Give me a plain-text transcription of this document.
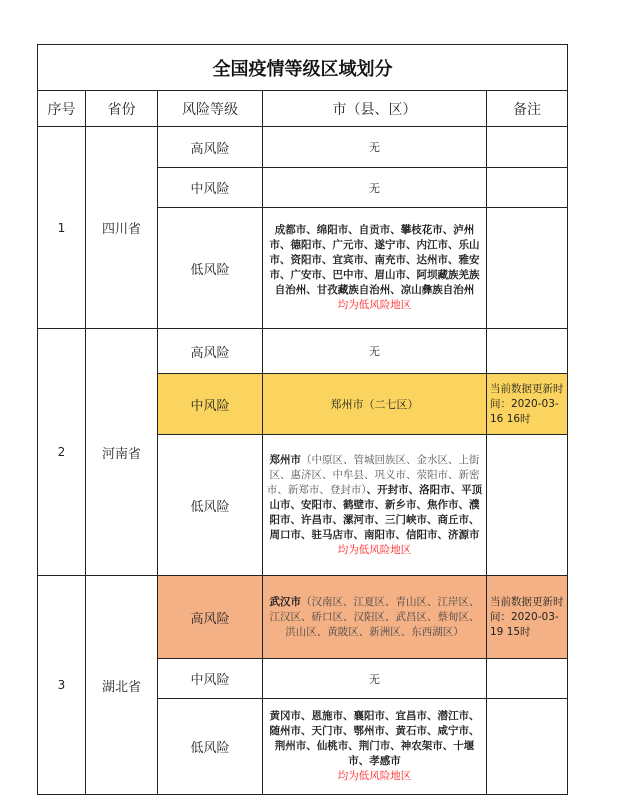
全国疫情等级区域划分				
序号	省份	风险等级	市（县、区）	备注
1	四川省	高风险	无	
		中风险	无	
		低风险	成都市、绵阳市、自贡市、攀枝花市、泸州市、德阳市、广元市、遂宁市、内江市、乐山市、资阳市、宜宾市、南充市、达州市、雅安市、广安市、巴中市、眉山市、阿坝藏族羌族自治州、甘孜藏族自治州、凉山彝族自治州
均为低风险地区	
2	河南省	高风险	无	
		中风险	郑州市（二七区）	当前数据更新时间：2020-03-16 16时
		低风险	郑州市（中原区、管城回族区、金水区、上街区、惠济区、中牟县、巩义市、荥阳市、新密市、新郑市、登封市）、开封市、洛阳市、平顶山市、安阳市、鹤壁市、新乡市、焦作市、濮阳市、许昌市、漯河市、三门峡市、商丘市、周口市、驻马店市、南阳市、信阳市、济源市
均为低风险地区	
3	湖北省	高风险	武汉市（汉南区、江夏区、青山区、江岸区、江汉区、硚口区、汉阳区、武昌区、蔡甸区、洪山区、黄陂区、新洲区、东西湖区）	当前数据更新时间：2020-03-19 15时
		中风险	无	
		低风险	黄冈市、恩施市、襄阳市、宜昌市、潜江市、随州市、天门市、鄂州市、黄石市、咸宁市、荆州市、仙桃市、荆门市、神农架市、十堰市、孝感市
均为低风险地区	
